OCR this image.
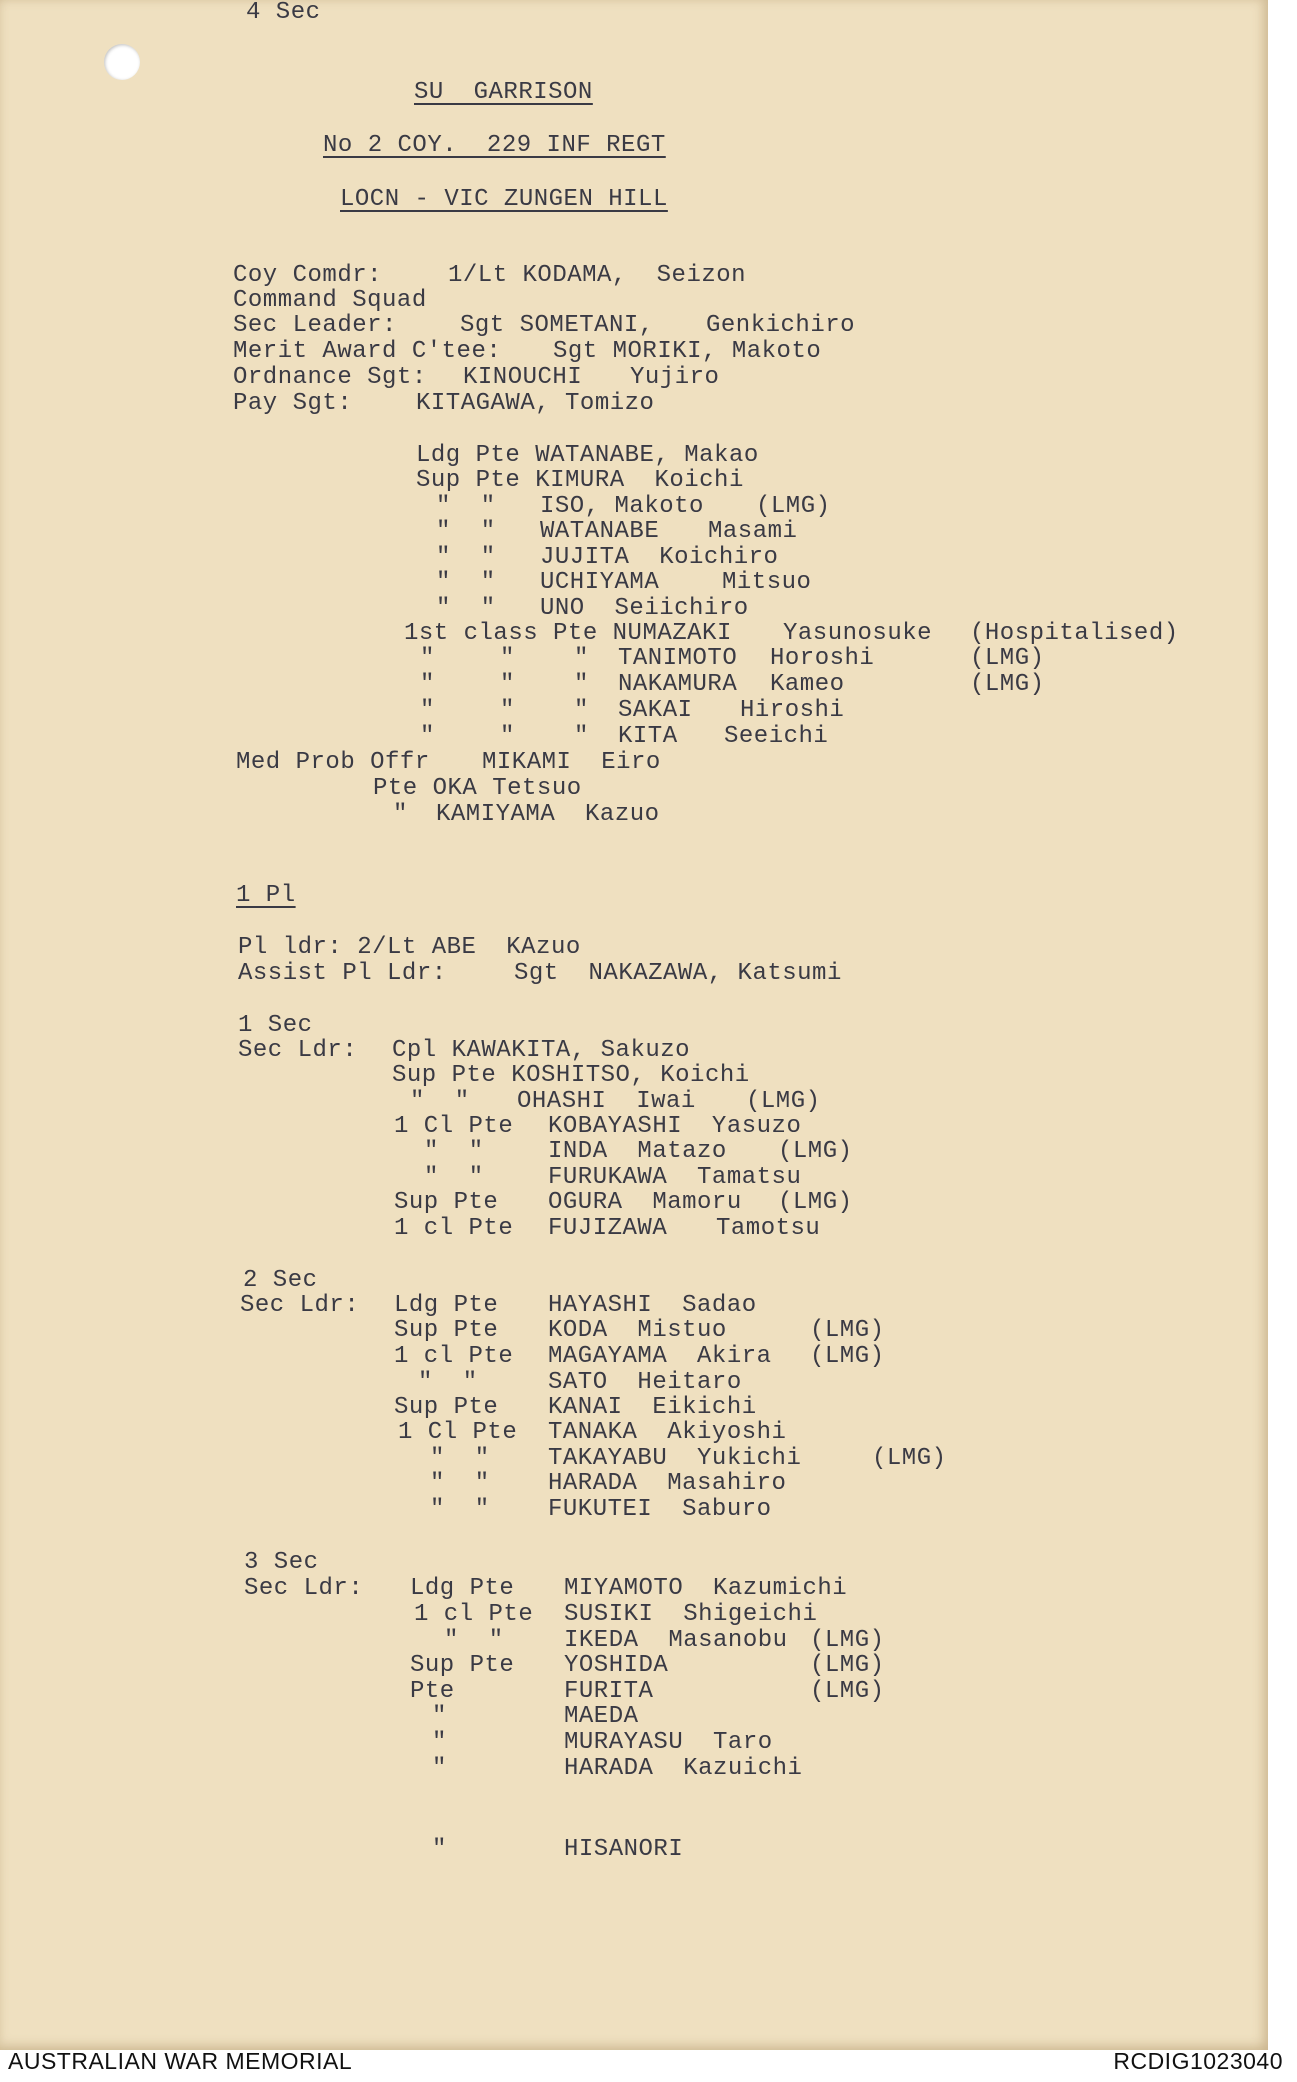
SU  GARRISON
No 2 COY.  229 INF REGT
LOCN - VIC ZUNGEN HILL
Coy Comdr:	1/Lt KODAMA,  Seizon
Command Squad
Sec Leader:	Sgt SOMETANI, Genkichiro
Merit Award C'tee: Sgt MORIKI, Makoto
Ordnance Sgt: KINOUCHI Yujiro
Pay Sgt:	KITAGAWA, Tomizo
Ldg Pte WATANABE, Makao
Sup Pte KIMURA  Koichi
"  " ISO, Makoto (LMG)
"  " WATANABE Masami
"  " JUJITA  Koichiro
"  " UCHIYAMA	Mitsuo
"  " UNO  Seiichiro
1st class Pte NUMAZAKI Yasunosuke (Hospitalised)
"	" " TANIMOTO Horoshi	(LMG)
"	" " NAKAMURA Kameo	(LMG)
"	" " SAKAI Hiroshi
"	" " KITA Seeichi
Med Prob Offr MIKAMI  Eiro
Pte OKA Tetsuo
" KAMIYAMA  Kazuo
1 Pl
Pl ldr: 2/Lt ABE  KAzuo
Assist Pl Ldr:	Sgt  NAKAZAWA, Katsumi
1 Sec
Sec Ldr: Cpl KAWAKITA, Sakuzo
Sup Pte KOSHITSO, Koichi
"  " OHASHI  Iwai (LMG)
1 Cl Pte KOBAYASHI  Yasuzo
"  "	INDA  Matazo (LMG)
"  "	FURUKAWA  Tamatsu
Sup Pte OGURA  Mamoru (LMG)
1 cl Pte FUJIZAWA Tamotsu
2 Sec
Sec Ldr: Ldg Pte HAYASHI  Sadao
Sup Pte KODA  Mistuo	(LMG)
1 cl Pte MAGAYAMA  Akira (LMG)
"  "	SATO  Heitaro
Sup Pte KANAI  Eikichi
1 Cl Pte TANAKA  Akiyoshi
"  " TAKAYABU  Yukichi	(LMG)
"  " HARADA  Masahiro
"  " FUKUTEI  Saburo
3 Sec
Sec Ldr: Ldg Pte MIYAMOTO  Kazumichi
1 cl Pte SUSIKI  Shigeichi
"  "	IKEDA  Masanobu (LMG)
Sup Pte YOSHIDA	(LMG)
Pte	FURITA	(LMG)
"	MAEDA
"	MURAYASU  Taro
"	HARADA  Kazuichi
"	HISANORI
4 Sec
AUSTRALIAN WAR MEMORIAL	RCDIG1023040
